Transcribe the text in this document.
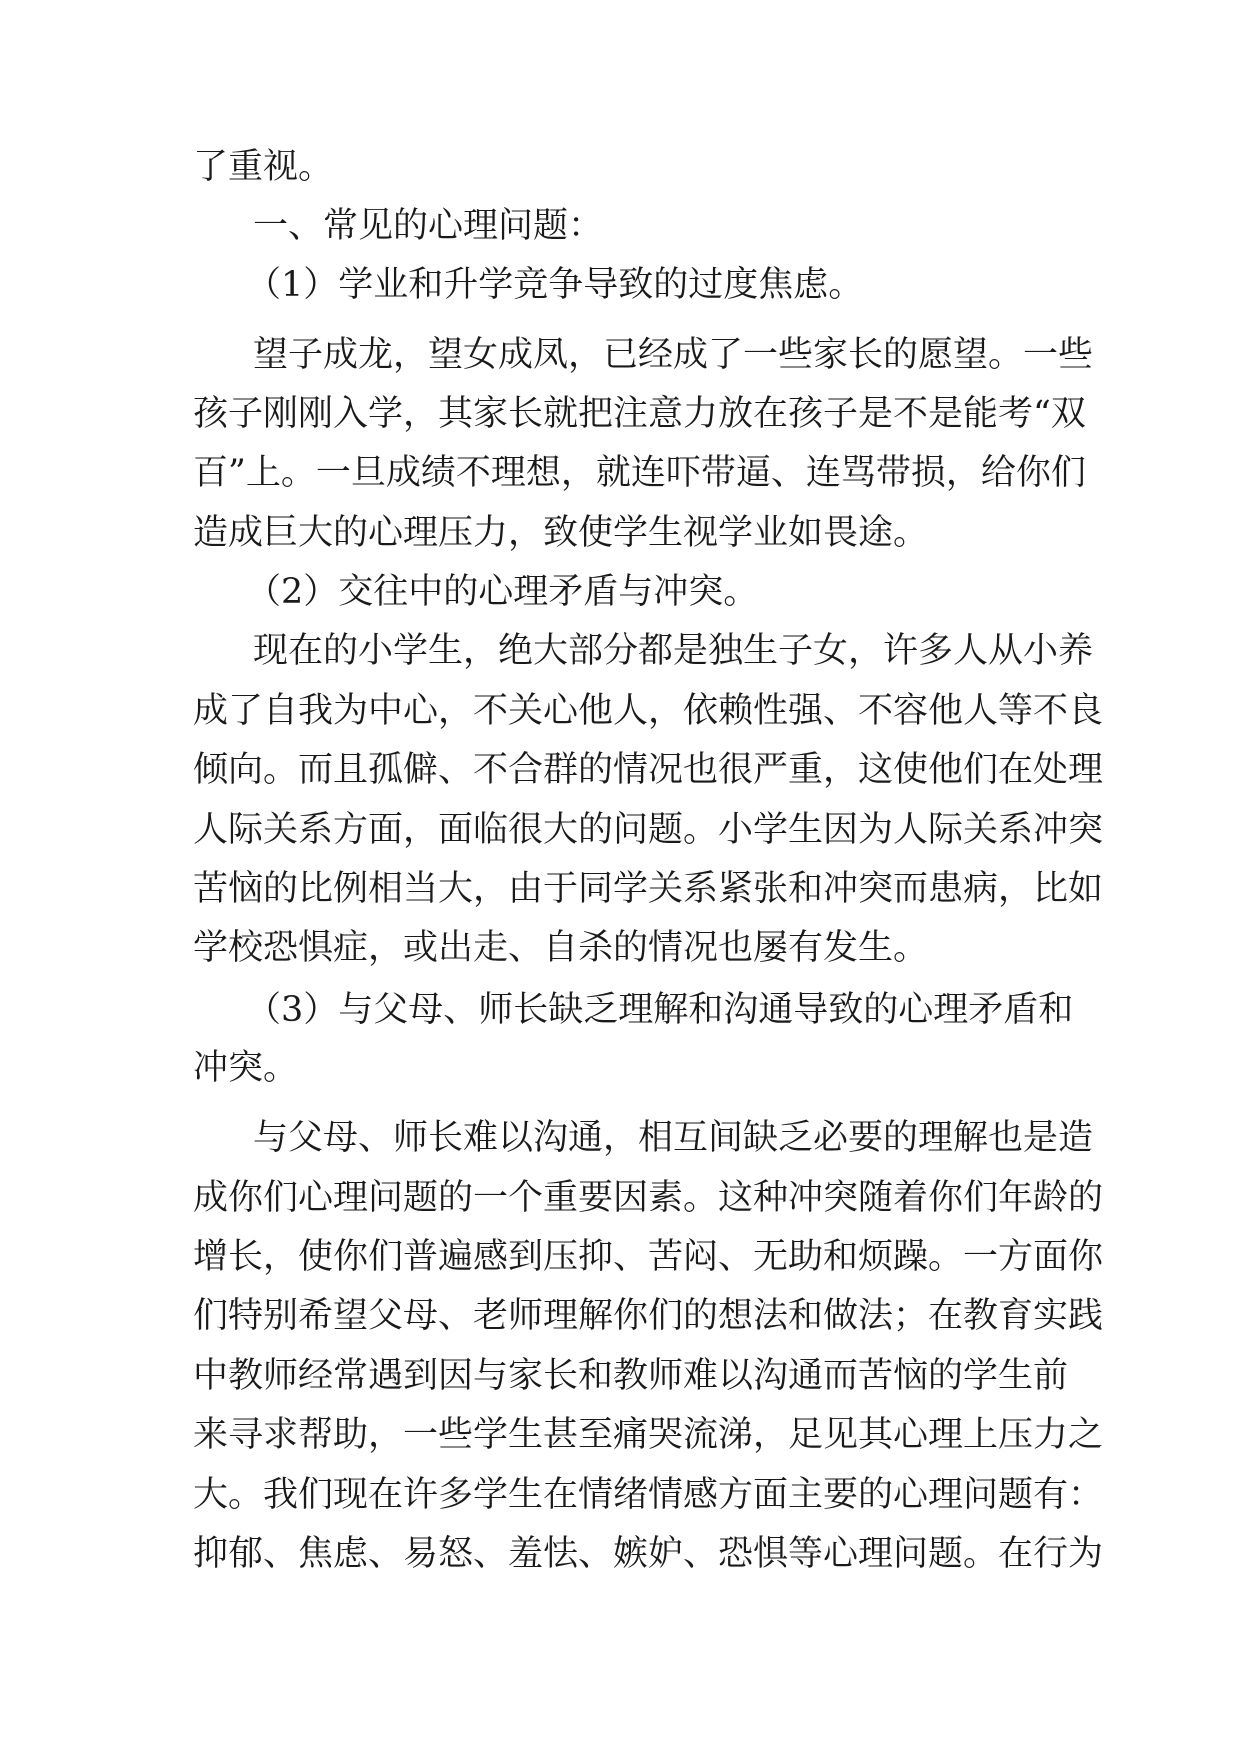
了重视。
一、常见的心理问题：
（1）学业和升学竞争导致的过度焦虑。
望子成龙，望女成凤，已经成了一些家长的愿望。一些
孩子刚刚入学，其家长就把注意力放在孩子是不是能考“双
百”上。一旦成绩不理想，就连吓带逼、连骂带损，给你们
造成巨大的心理压力，致使学生视学业如畏途。
（2）交往中的心理矛盾与冲突。
现在的小学生，绝大部分都是独生子女，许多人从小养
成了自我为中心，不关心他人，依赖性强、不容他人等不良
倾向。而且孤僻、不合群的情况也很严重，这使他们在处理
人际关系方面，面临很大的问题。小学生因为人际关系冲突
苦恼的比例相当大，由于同学关系紧张和冲突而患病，比如
学校恐惧症，或出走、自杀的情况也屡有发生。
（3）与父母、师长缺乏理解和沟通导致的心理矛盾和
冲突。
与父母、师长难以沟通，相互间缺乏必要的理解也是造
成你们心理问题的一个重要因素。这种冲突随着你们年龄的
增长，使你们普遍感到压抑、苦闷、无助和烦躁。一方面你
们特别希望父母、老师理解你们的想法和做法；在教育实践
中教师经常遇到因与家长和教师难以沟通而苦恼的学生前
来寻求帮助，一些学生甚至痛哭流涕，足见其心理上压力之
大。我们现在许多学生在情绪情感方面主要的心理问题有：
抑郁、焦虑、易怒、羞怯、嫉妒、恐惧等心理问题。在行为
